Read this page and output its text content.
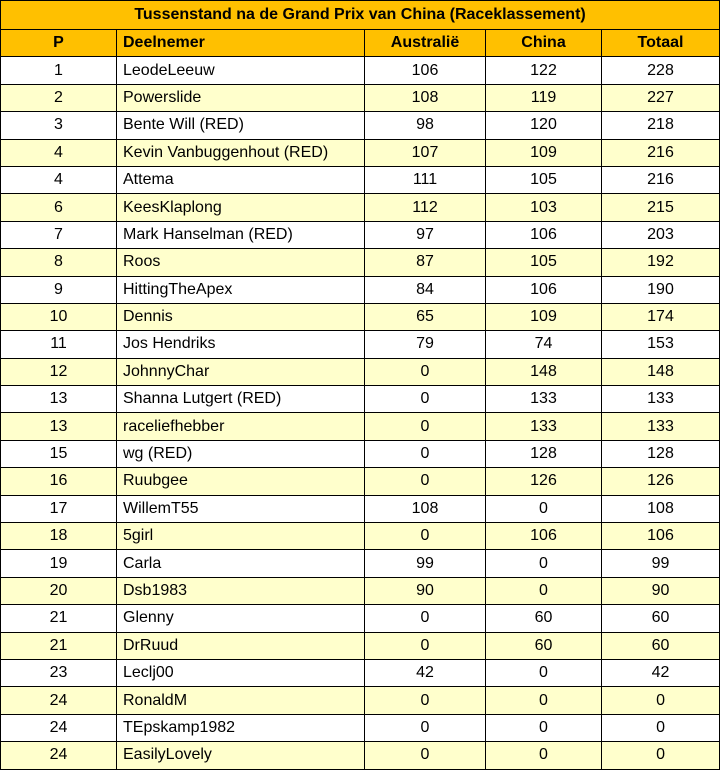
Tussenstand na de Grand Prix van China (Raceklassement)				
P	Deelnemer	Australië	China	Totaal
1	LeodeLeeuw	106	122	228
2	Powerslide	108	119	227
3	Bente Will (RED)	98	120	218
4	Kevin Vanbuggenhout (RED)	107	109	216
4	Attema	111	105	216
6	KeesKlaplong	112	103	215
7	Mark Hanselman (RED)	97	106	203
8	Roos	87	105	192
9	HittingTheApex	84	106	190
10	Dennis	65	109	174
11	Jos Hendriks	79	74	153
12	JohnnyChar	0	148	148
13	Shanna Lutgert (RED)	0	133	133
13	raceliefhebber	0	133	133
15	wg (RED)	0	128	128
16	Ruubgee	0	126	126
17	WillemT55	108	0	108
18	5girl	0	106	106
19	Carla	99	0	99
20	Dsb1983	90	0	90
21	Glenny	0	60	60
21	DrRuud	0	60	60
23	Leclj00	42	0	42
24	RonaldM	0	0	0
24	TEpskamp1982	0	0	0
24	EasilyLovely	0	0	0
